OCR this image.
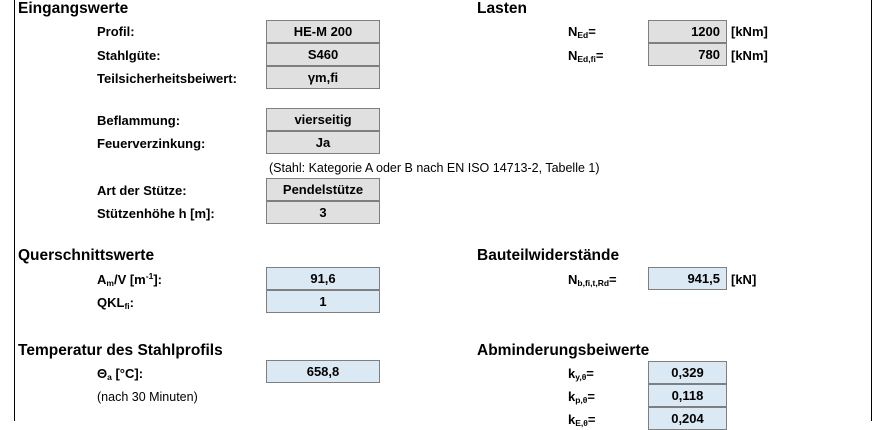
Eingangswerte
Profil:	HE-M 200
Stahlgüte:	S460
Teilsicherheitsbeiwert:	γm,fi
Beflammung:	vierseitig
Feuerverzinkung:	Ja
(Stahl: Kategorie A oder B nach EN ISO 14713-2, Tabelle 1)
Art der Stütze:	Pendelstütze
Stützenhöhe h [m]:	3
Lasten
$N_{Ed}=$	1200 [kNm]
$N_{Ed,fi}=$	780 [kNm]
Querschnittswerte
$A_m/V$ $[m^{-1}]$:	91,6
$QKL_{fi}$:	1
Bauteilwiderstände
$N_{b,fi,t,Rd}=$	941,5 [kN]
Temperatur des Stahlprofils
$\Theta_a$ [°C]:	658,8
(nach 30 Minuten)
Abminderungsbeiwerte
$k_{y,\theta}=$	0,329
$k_{p,\theta}=$	0,118
$k_{E,\theta}=$	0,204
